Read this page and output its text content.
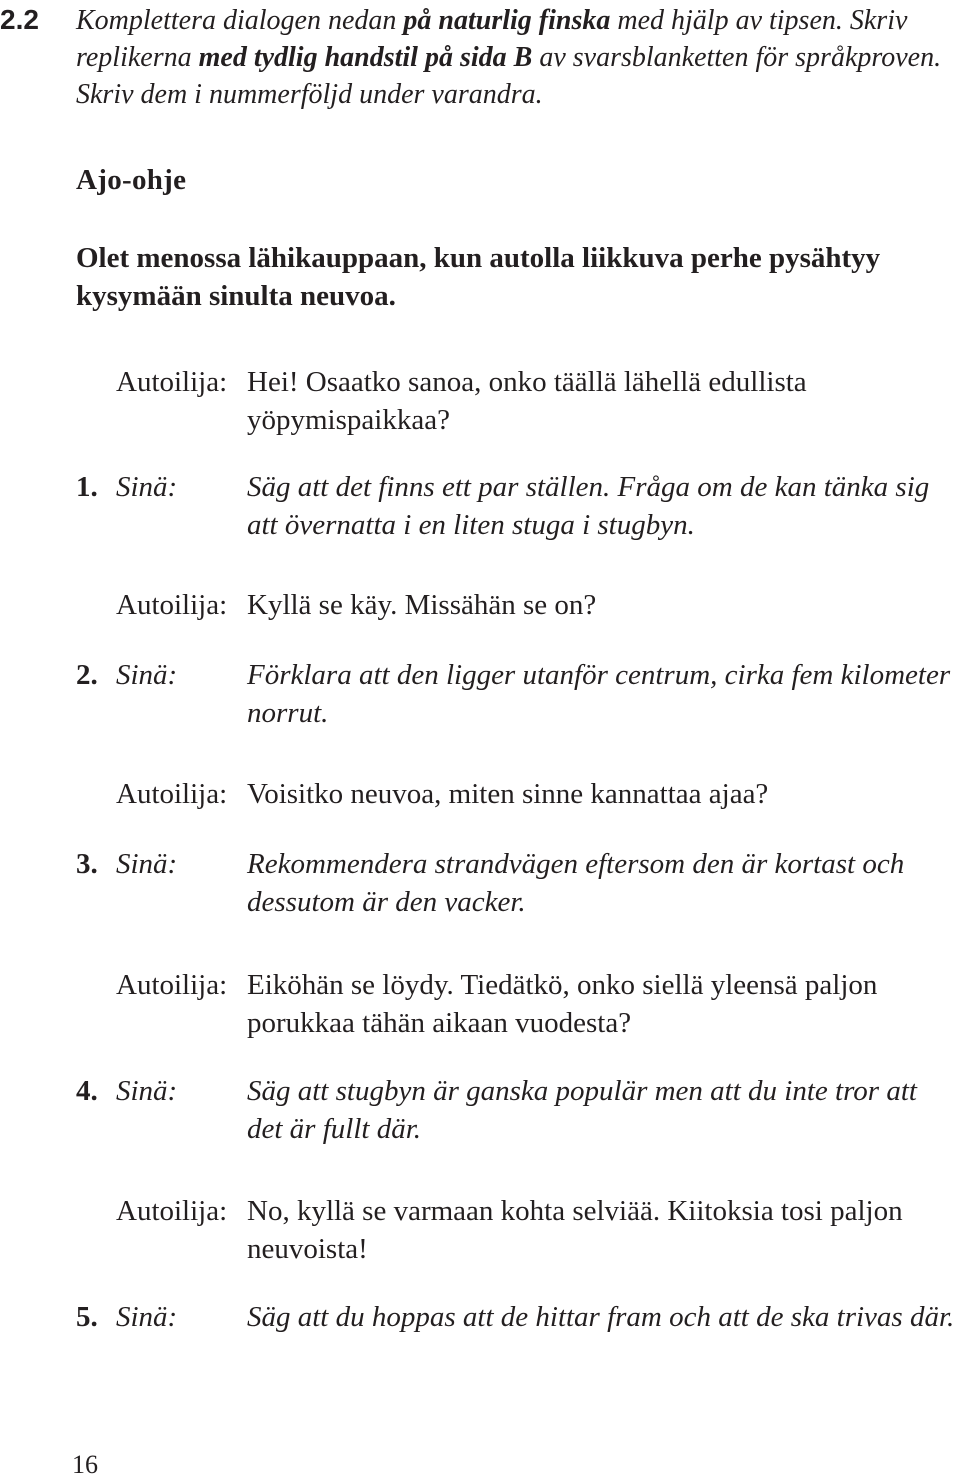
2.2 Komplettera dialogen nedan på naturlig finska med hjälp av tipsen. Skriv replikerna med tydlig handstil på sida B av svarsblanketten för språkproven. Skriv dem i nummerföljd under varandra.
Ajo-ohje
Olet menossa lähikauppaan, kun autolla liikkuva perhe pysähtyy kysymään sinulta neuvoa.
Autoilija: Hei! Osaatko sanoa, onko täällä lähellä edullista yöpymispaikkaa?
1. Sinä: Säg att det finns ett par ställen. Fråga om de kan tänka sig att övernatta i en liten stuga i stugbyn.
Autoilija: Kyllä se käy. Missähän se on?
2. Sinä: Förklara att den ligger utanför centrum, cirka fem kilometer norrut.
Autoilija: Voisitko neuvoa, miten sinne kannattaa ajaa?
3. Sinä: Rekommendera strandvägen eftersom den är kortast och dessutom är den vacker.
Autoilija: Eiköhän se löydy. Tiedätkö, onko siellä yleensä paljon porukkaa tähän aikaan vuodesta?
4. Sinä: Säg att stugbyn är ganska populär men att du inte tror att det är fullt där.
Autoilija: No, kyllä se varmaan kohta selviää. Kiitoksia tosi paljon neuvoista!
5. Sinä: Säg att du hoppas att de hittar fram och att de ska trivas där.
16
